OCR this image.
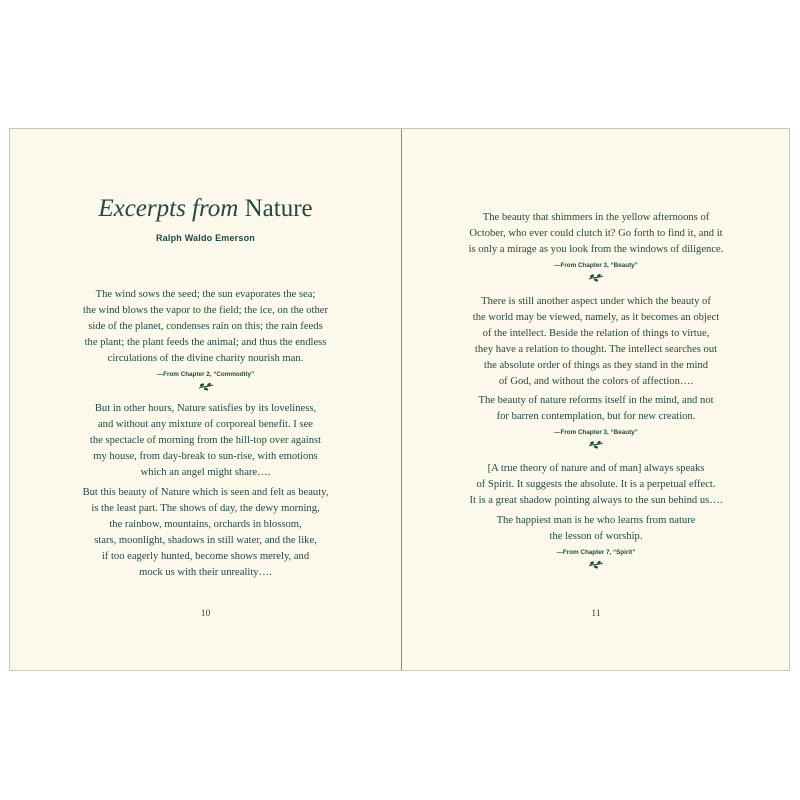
Excerpts from Nature
Ralph Waldo Emerson

The wind sows the seed; the sun evaporates the sea;
the wind blows the vapor to the field; the ice, on the other
side of the planet, condenses rain on this; the rain feeds
the plant; the plant feeds the animal; and thus the endless
circulations of the divine charity nourish man.

—From Chapter 2, “Commodity”

But in other hours, Nature satisfies by its loveliness,
and without any mixture of corporeal benefit. I see
the spectacle of morning from the hill-top over against
my house, from day-break to sun-rise, with emotions
which an angel might share….

But this beauty of Nature which is seen and felt as beauty,
is the least part. The shows of day, the dewy morning,
the rainbow, mountains, orchards in blossom,
stars, moonlight, shadows in still water, and the like,
if too eagerly hunted, become shows merely, and
mock us with their unreality….

10

The beauty that shimmers in the yellow afternoons of
October, who ever could clutch it? Go forth to find it, and it
is only a mirage as you look from the windows of diligence.

—From Chapter 3, “Beauty”

There is still another aspect under which the beauty of
the world may be viewed, namely, as it becomes an object
of the intellect. Beside the relation of things to virtue,
they have a relation to thought. The intellect searches out
the absolute order of things as they stand in the mind
of God, and without the colors of affection….

The beauty of nature reforms itself in the mind, and not
for barren contemplation, but for new creation.

—From Chapter 3, “Beauty”

[A true theory of nature and of man] always speaks
of Spirit. It suggests the absolute. It is a perpetual effect.
It is a great shadow pointing always to the sun behind us….

The happiest man is he who learns from nature
the lesson of worship.

—From Chapter 7, “Spirit”
11
